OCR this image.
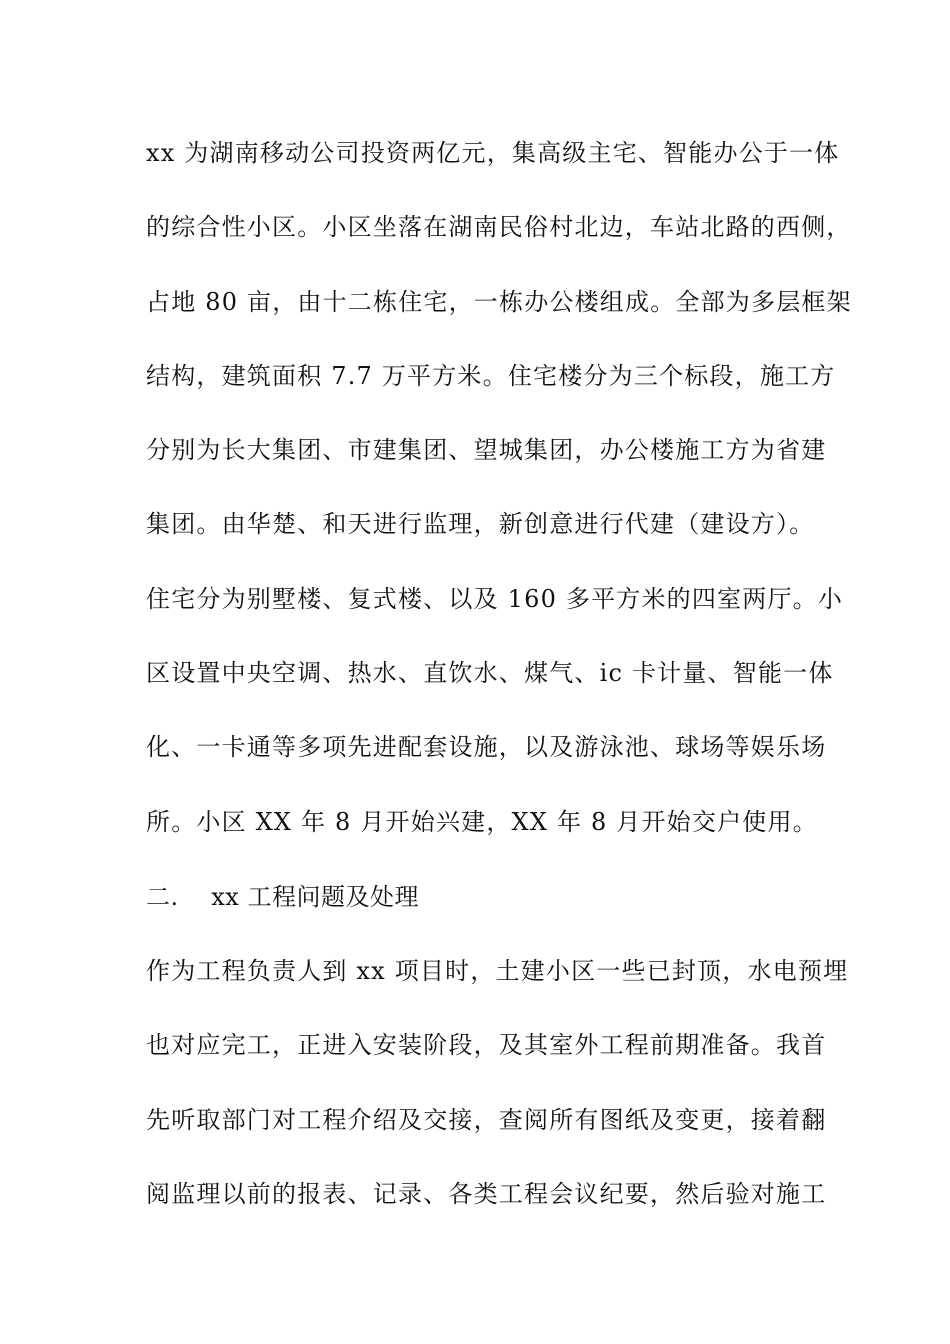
xx 为湖南移动公司投资两亿元，集高级主宅、智能办公于一体
的综合性小区。小区坐落在湖南民俗村北边，车站北路的西侧，
占地 80 亩，由十二栋住宅，一栋办公楼组成。全部为多层框架
结构，建筑面积 7.7 万平方米。住宅楼分为三个标段，施工方
分别为长大集团、市建集团、望城集团，办公楼施工方为省建
集团。由华楚、和天进行监理，新创意进行代建（建设方）。
住宅分为别墅楼、复式楼、以及 160 多平方米的四室两厅。小
区设置中央空调、热水、直饮水、煤气、ic 卡计量、智能一体
化、一卡通等多项先进配套设施，以及游泳池、球场等娱乐场
所。小区 XX 年 8 月开始兴建，XX 年 8 月开始交户使用。
二.　 xx 工程问题及处理
作为工程负责人到 xx 项目时，土建小区一些已封顶，水电预埋
也对应完工，正进入安装阶段，及其室外工程前期准备。我首
先听取部门对工程介绍及交接，查阅所有图纸及变更，接着翻
阅监理以前的报表、记录、各类工程会议纪要，然后验对施工
